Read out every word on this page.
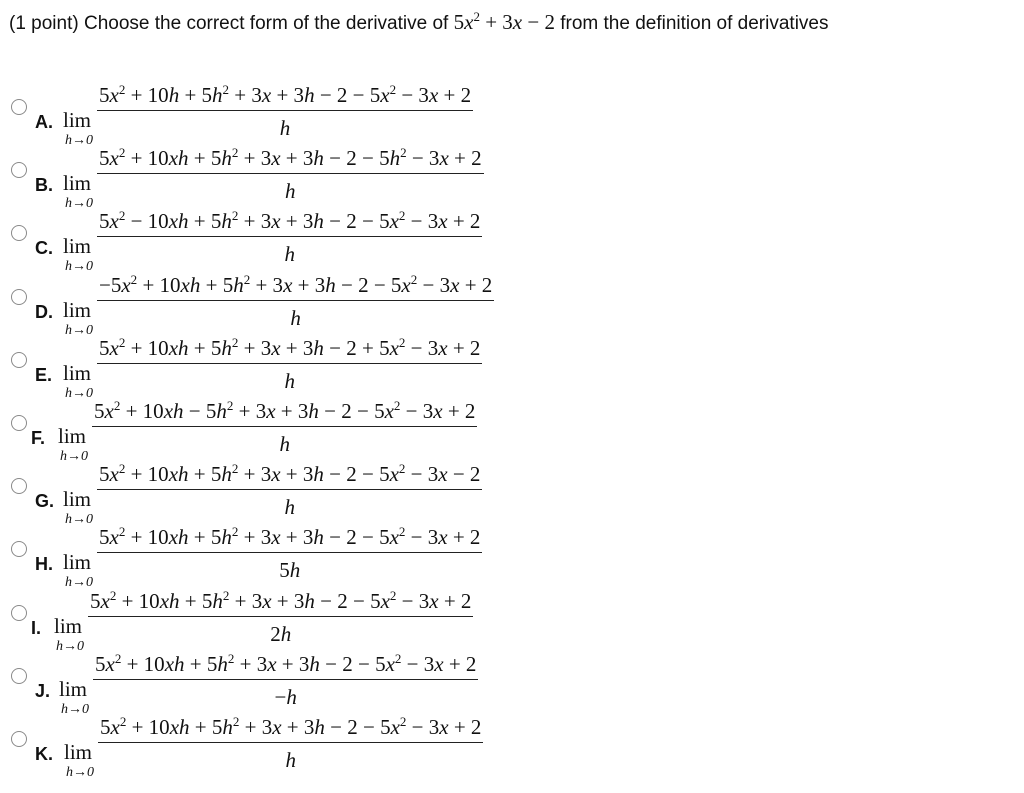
(1 point) Choose the correct form of the derivative of $5x^2 + 3x - 2$ from the definition of derivatives
A. lim
h→0
$5x^2 + 10h + 5h^2 + 3x + 3h - 2 - 5x^2 - 3x + 2$
h
B. lim
h→0
$5x^2 + 10xh + 5h^2 + 3x + 3h - 2 - 5h^2 - 3x + 2$
h
C. lim
h→0
$5x^2 - 10xh + 5h^2 + 3x + 3h - 2 - 5x^2 - 3x + 2$
h
D. lim
h→0
$-5x^2 + 10xh + 5h^2 + 3x + 3h - 2 - 5x^2 - 3x + 2$
h
E. lim
h→0
$5x^2 + 10xh + 5h^2 + 3x + 3h - 2 + 5x^2 - 3x + 2$
h
F. lim
h→0
$5x^2 + 10xh - 5h^2 + 3x + 3h - 2 - 5x^2 - 3x + 2$
h
G. lim
h→0
$5x^2 + 10xh + 5h^2 + 3x + 3h - 2 - 5x^2 - 3x - 2$
h
H. lim
h→0
$5x^2 + 10xh + 5h^2 + 3x + 3h - 2 - 5x^2 - 3x + 2$
5h
I. lim
h→0
$5x^2 + 10xh + 5h^2 + 3x + 3h - 2 - 5x^2 - 3x + 2$
2h
J. lim
h→0
$5x^2 + 10xh + 5h^2 + 3x + 3h - 2 - 5x^2 - 3x + 2$
−h
K. lim
h→0
$5x^2 + 10xh + 5h^2 + 3x + 3h - 2 - 5x^2 - 3x + 2$
h
